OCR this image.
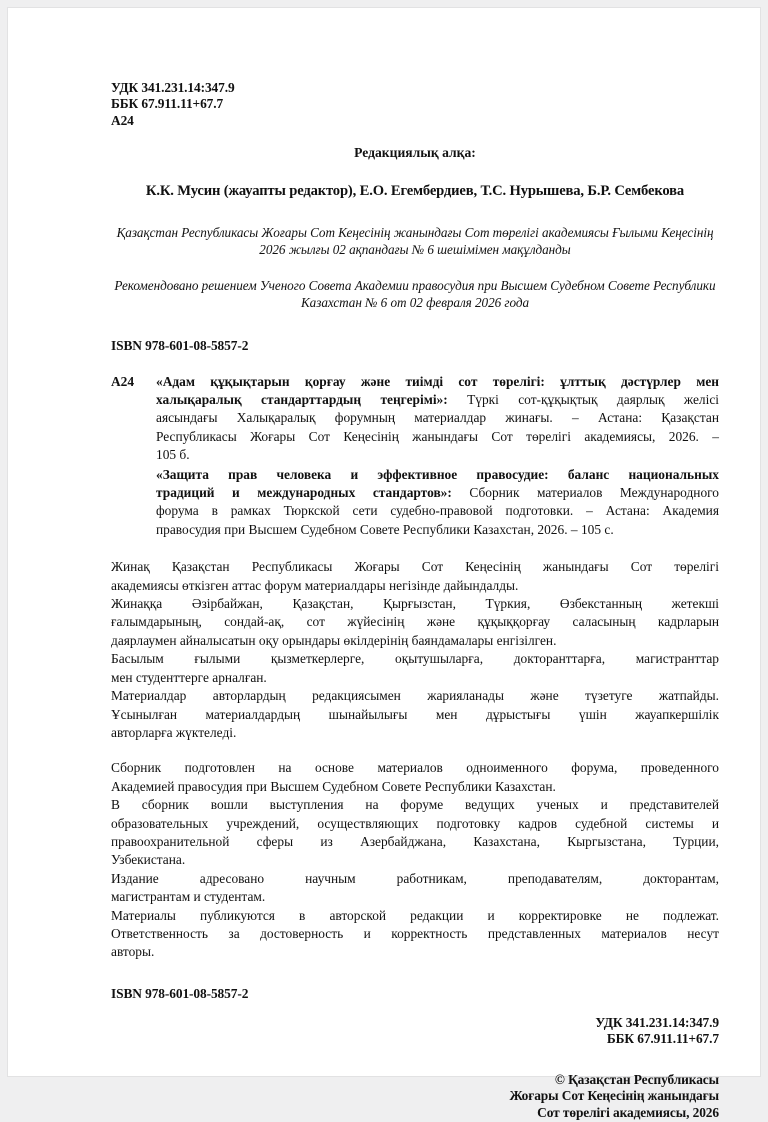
УДК 341.231.14:347.9
ББК 67.911.11+67.7
А24
Редакциялық алқа:
К.К. Мусин (жауапты редактор), Е.О. Егембердиев, Т.С. Нурышева, Б.Р. Сембекова
Қазақстан Республикасы Жоғары Сот Кеңесінің жанындағы Сот төрелігі академиясы Ғылыми Кеңесінің
2026 жылғы 02 ақпандағы № 6 шешімімен мақұлданды
Рекомендовано решением Ученого Совета Академии правосудия при Высшем Судебном Совете Республики
Казахстан № 6 от 02 февраля 2026 года
ISBN 978-601-08-5857-2
А24	«Адам құқықтарын қорғау және тиімді сот төрелігі: ұлттық дәстүрлер мен
халықаралық стандарттардың теңгерімі»: Түркі сот-құқықтық даярлық желісі
аясындағы Халықаралық форумның материалдар жинағы. – Астана: Қазақстан
Республикасы Жоғары Сот Кеңесінің жанындағы Сот төрелігі академиясы, 2026. –
105 б.
«Защита прав человека и эффективное правосудие: баланс национальных
традиций и международных стандартов»: Сборник материалов Международного
форума в рамках Тюркской сети судебно-правовой подготовки. – Астана: Академия
правосудия при Высшем Судебном Совете Республики Казахстан, 2026. – 105 с.
Жинақ Қазақстан Республикасы Жоғары Сот Кеңесінің жанындағы Сот төрелігі
академиясы өткізген аттас форум материалдары негізінде дайындалды.
Жинаққа Әзірбайжан, Қазақстан, Қырғызстан, Түркия, Өзбекстанның жетекші
ғалымдарының, сондай-ақ, сот жүйесінің және құқыққорғау саласының кадрларын
даярлаумен айналысатын оқу орындары өкілдерінің баяндамалары енгізілген.
Басылым ғылыми қызметкерлерге, оқытушыларға, докторанттарға, магистранттар
мен студенттерге арналған.
Материалдар авторлардың редакциясымен жарияланады және түзетуге жатпайды.
Ұсынылған материалдардың шынайылығы мен дұрыстығы үшін жауапкершілік
авторларға жүктеледі.
Сборник подготовлен на основе материалов одноименного форума, проведенного
Академией правосудия при Высшем Судебном Совете Республики Казахстан.
В сборник вошли выступления на форуме ведущих ученых и представителей
образовательных учреждений, осуществляющих подготовку кадров судебной системы и
правоохранительной сферы из Азербайджана, Казахстана, Кыргызстана, Турции,
Узбекистана.
Издание адресовано научным работникам, преподавателям, докторантам,
магистрантам и студентам.
Материалы публикуются в авторской редакции и корректировке не подлежат.
Ответственность за достоверность и корректность представленных материалов несут
авторы.
ISBN 978-601-08-5857-2
УДК 341.231.14:347.9
ББК 67.911.11+67.7
© Қазақстан Республикасы
Жоғары Сот Кеңесінің жанындағы
Сот төрелігі академиясы, 2026
